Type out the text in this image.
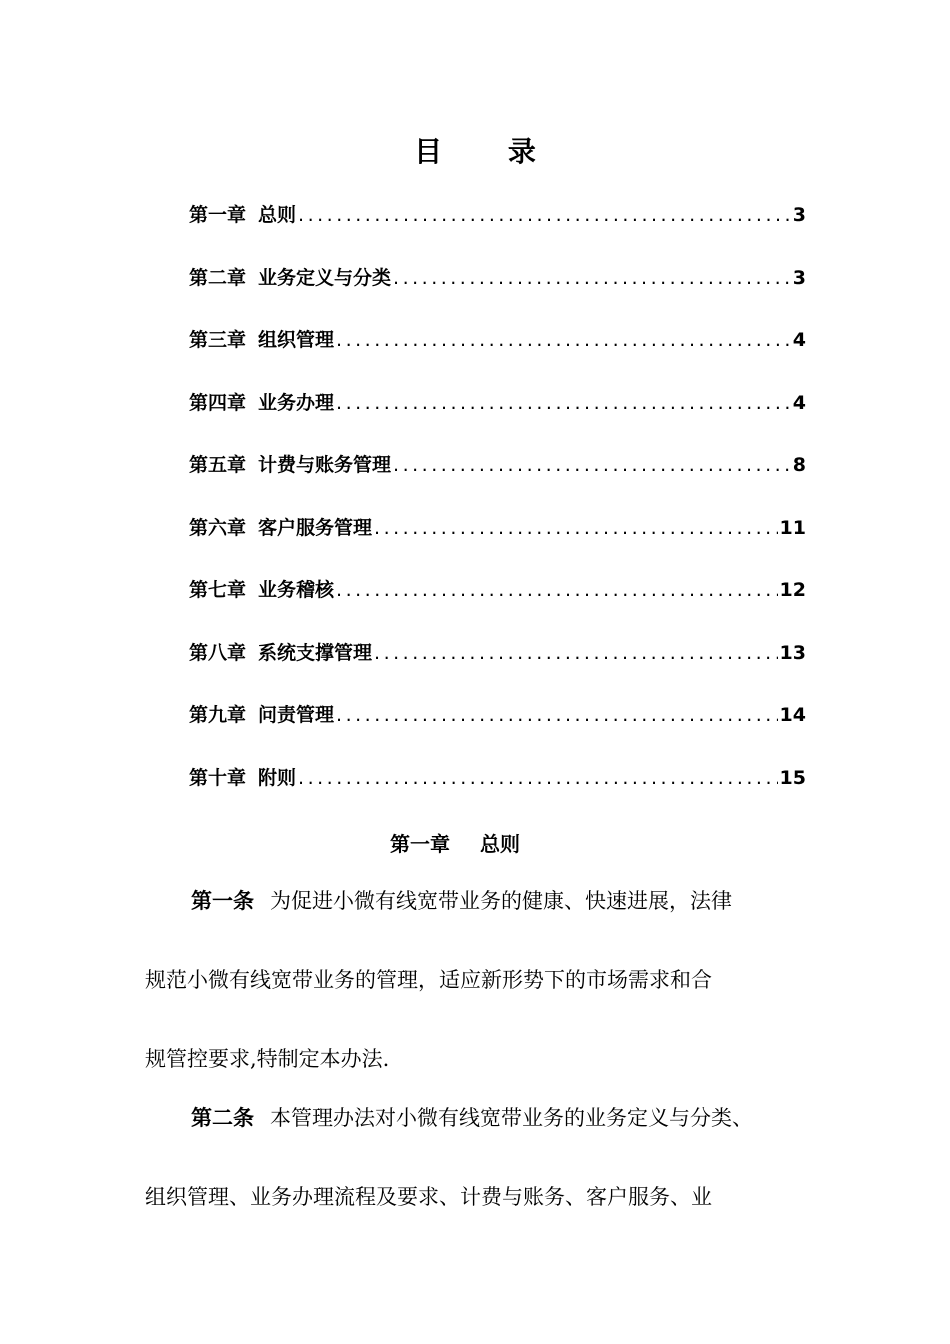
目 录
第一章 总则 .....	3
第二章 业务定义与分类 .....	3
第三章 组织管理 .....	4
第四章 业务办理 .....	4
第五章 计费与账务管理 .....	8
第六章 客户服务管理 .....	11
第七章 业务稽核 .....	12
第八章 系统支撑管理 .....	13
第九章 问责管理 .....	14
第十章 附则 .....	15
第一章 总则
第一条 为促进小微有线宽带业务的健康、快速进展，法律
规范小微有线宽带业务的管理，适应新形势下的市场需求和合
规管控要求,特制定本办法.
第二条 本管理办法对小微有线宽带业务的业务定义与分类、
组织管理、业务办理流程及要求、计费与账务、客户服务、业
